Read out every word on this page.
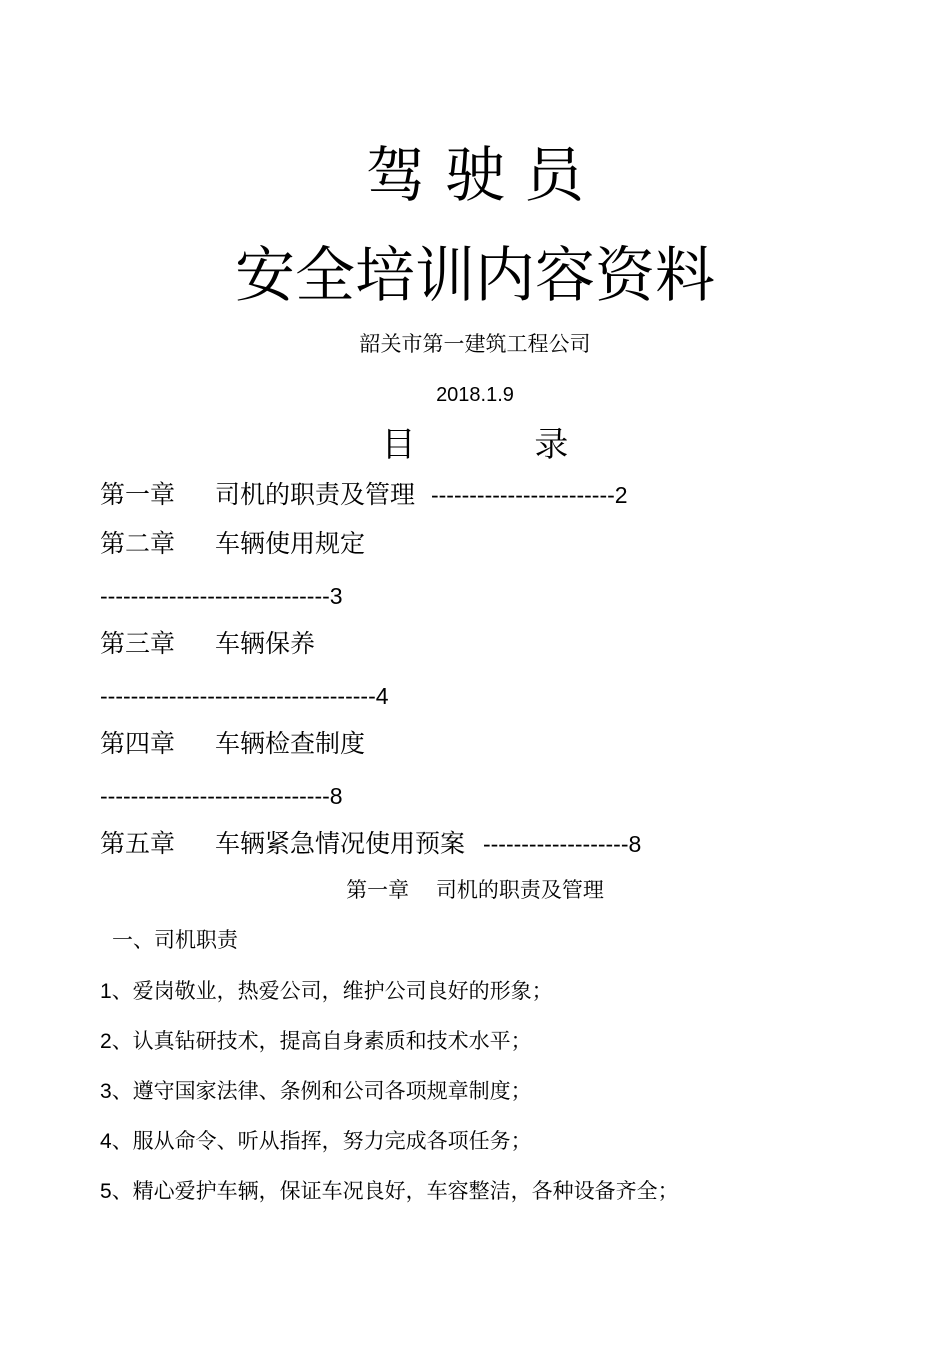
驾 驶 员
安全培训内容资料
韶关市第一建筑工程公司
2018.1.9
目           录
第一章 司机的职责及管理 ------------------------2
第二章 车辆使用规定
------------------------------3
第三章 车辆保养
------------------------------------4
第四章 车辆检查制度
------------------------------8
第五章 车辆紧急情况使用预案 -------------------8
第一章    司机的职责及管理
一、司机职责
1、爱岗敬业，热爱公司，维护公司良好的形象；
2、认真钻研技术，提高自身素质和技术水平；
3、遵守国家法律、条例和公司各项规章制度；
4、服从命令、听从指挥，努力完成各项任务；
5、精心爱护车辆，保证车况良好，车容整洁，各种设备齐全；
